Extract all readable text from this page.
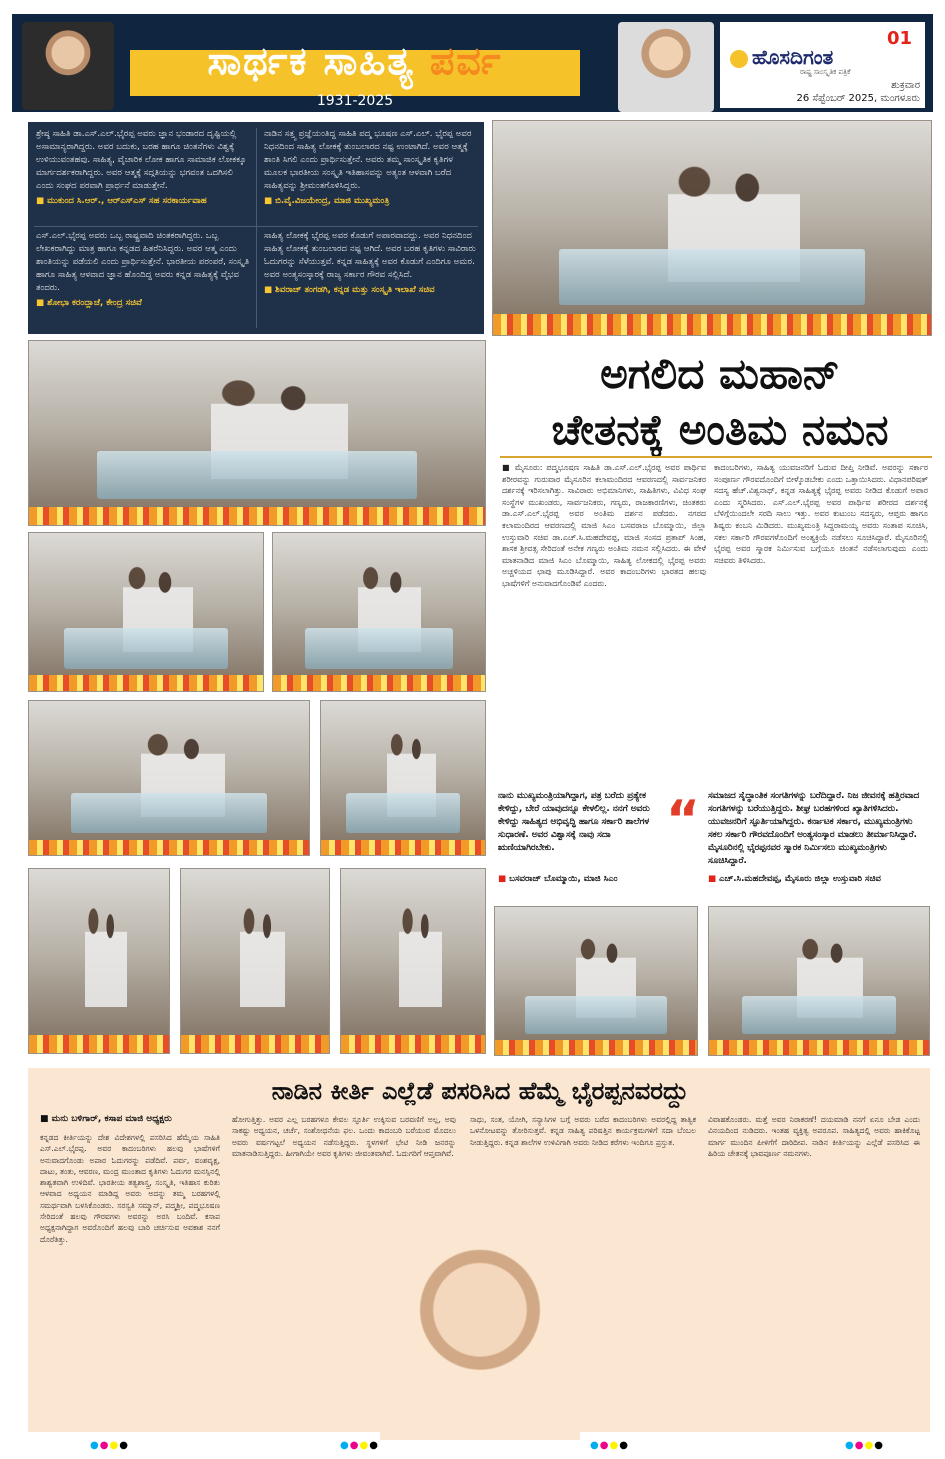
ಸಾರ್ಥಕ ಸಾಹಿತ್ಯ ಪರ್ವ
1931-2025
01
ಹೊಸದಿಗಂತ
ರಾಷ್ಟ್ರ ಸಾಂಸ್ಕೃತಿಕ ಪತ್ರಿಕೆ
ಶುಕ್ರವಾರ
26 ಸೆಪ್ಟೆಂಬರ್ 2025, ಮಂಗಳೂರು

ಶ್ರೇಷ್ಠ ಸಾಹಿತಿ ಡಾ.ಎಸ್.ಎಲ್.ಭೈರಪ್ಪ ಅವರು ಜ್ಞಾನ ಭಂಡಾರದ ದೃಷ್ಟಿಯಲ್ಲಿ ಅಸಾಮಾನ್ಯರಾಗಿದ್ದರು. ಅವರ ಬದುಕು, ಬರಹ ಹಾಗೂ ಚಿಂತನೆಗಳು ವಿಶ್ವಕ್ಕೆ ಉಳಿಯುವಂತಹವು. ಸಾಹಿತ್ಯ, ವೈಚಾರಿಕ ಲೋಕ ಹಾಗೂ ಸಾಮಾಜಿಕ ಲೋಕಕ್ಕೂ ಮಾರ್ಗದರ್ಶಕರಾಗಿದ್ದರು. ಅವರ ಆತ್ಮಕ್ಕೆ ಸದ್ಗತಿಯನ್ನು ಭಗವಂತ ಒದಗಿಸಲಿ ಎಂದು ಸಂಘದ ಪರವಾಗಿ ಪ್ರಾರ್ಥನೆ ಮಾಡುತ್ತೇನೆ.

■ ಮುಕುಂದ ಸಿ.ಆರ್., ಆರ್‌ಎಸ್‌ಎಸ್ ಸಹ ಸರಕಾರ್ಯವಾಹ

ನಾಡಿನ ಸತ್ತ್ವ ಪ್ರಜ್ಞೆಯಂತಿದ್ದ ಸಾಹಿತಿ ಪದ್ಮ ಭೂಷಣ ಎಸ್.ಎಲ್. ಭೈರಪ್ಪ ಅವರ ನಿಧನದಿಂದ ಸಾಹಿತ್ಯ ಲೋಕಕ್ಕೆ ತುಂಬಲಾರದ ನಷ್ಟ ಉಂಟಾಗಿದೆ. ಅವರ ಆತ್ಮಕ್ಕೆ ಶಾಂತಿ ಸಿಗಲಿ ಎಂದು ಪ್ರಾರ್ಥಿಸುತ್ತೇನೆ. ಅವರು ತಮ್ಮ ಸಾಂಸ್ಕೃತಿಕ ಕೃತಿಗಳ ಮೂಲಕ ಭಾರತೀಯ ಸಂಸ್ಕೃತಿ ಇತಿಹಾಸವನ್ನು ಅತ್ಯಂತ ಆಳವಾಗಿ ಬರೆದ ಸಾಹಿತ್ಯವನ್ನು ಶ್ರೀಮಂತಗೊಳಿಸಿದ್ದರು.

■ ಬಿ.ವೈ.ವಿಜಯೇಂದ್ರ, ಮಾಜಿ ಮುಖ್ಯಮಂತ್ರಿ

ಎಸ್.ಎಲ್.ಭೈರಪ್ಪ ಅವರು ಒಬ್ಬ ರಾಷ್ಟ್ರವಾದಿ ಚಿಂತಕರಾಗಿದ್ದರು. ಒಬ್ಬ ಲೇಖಕರಾಗಿದ್ದು ಮಾತ್ರ ಹಾಗೂ ಕನ್ನಡದ ಹಿತರೆನಿಸಿದ್ದರು. ಅವರ ಆತ್ಮ ಎಂದು ಶಾಂತಿಯನ್ನು ಪಡೆಯಲಿ ಎಂದು ಪ್ರಾರ್ಥಿಸುತ್ತೇನೆ. ಭಾರತೀಯ ಪರಂಪರೆ, ಸಂಸ್ಕೃತಿ ಹಾಗೂ ಸಾಹಿತ್ಯ ಆಳವಾದ ಜ್ಞಾನ ಹೊಂದಿದ್ದ ಅವರು ಕನ್ನಡ ಸಾಹಿತ್ಯಕ್ಕೆ ವೈಭವ ತಂದರು.

■ ಶೋಭಾ ಕರಂದ್ಲಾಜೆ, ಕೇಂದ್ರ ಸಚಿವೆ

ಸಾಹಿತ್ಯ ಲೋಕಕ್ಕೆ ಭೈರಪ್ಪ ಅವರ ಕೊಡುಗೆ ಅಪಾರವಾದದ್ದು. ಅವರ ನಿಧನದಿಂದ ಸಾಹಿತ್ಯ ಲೋಕಕ್ಕೆ ತುಂಬಲಾರದ ನಷ್ಟ ಆಗಿದೆ. ಅವರ ಬರಹ ಕೃತಿಗಳು ಸಾವಿರಾರು ಓದುಗರನ್ನು ಸೆಳೆಯುತ್ತವೆ. ಕನ್ನಡ ಸಾಹಿತ್ಯಕ್ಕೆ ಅವರ ಕೊಡುಗೆ ಎಂದಿಗೂ ಅಮರ. ಅವರ ಅಂತ್ಯಸಂಸ್ಕಾರಕ್ಕೆ ರಾಜ್ಯ ಸರ್ಕಾರ ಗೌರವ ಸಲ್ಲಿಸಿದೆ.

■ ಶಿವರಾಜ್ ತಂಗಡಗಿ, ಕನ್ನಡ ಮತ್ತು ಸಂಸ್ಕೃತಿ ಇಲಾಖೆ ಸಚಿವ
ಅಗಲಿದ ಮಹಾನ್
ಚೇತನಕ್ಕೆ ಅಂತಿಮ ನಮನ
■ ಮೈಸೂರು: ಪದ್ಮಭೂಷಣ ಸಾಹಿತಿ ಡಾ.ಎಸ್.ಎಲ್.ಭೈರಪ್ಪ ಅವರ ಪಾರ್ಥಿವ ಶರೀರವನ್ನು ಗುರುವಾರ ಮೈಸೂರಿನ ಕಲಾಮಂದಿರದ ಆವರಣದಲ್ಲಿ ಸಾರ್ವಜನಿಕರ ದರ್ಶನಕ್ಕೆ ಇರಿಸಲಾಗಿತ್ತು. ಸಾವಿರಾರು ಅಭಿಮಾನಿಗಳು, ಸಾಹಿತಿಗಳು, ವಿವಿಧ ಸಂಘ ಸಂಸ್ಥೆಗಳ ಮುಖಂಡರು, ಸಾರ್ವಜನಿಕರು, ಗಣ್ಯರು, ರಾಜಕಾರಣಿಗಳು, ಚಿಂತಕರು ಡಾ.ಎಸ್.ಎಲ್.ಭೈರಪ್ಪ ಅವರ ಅಂತಿಮ ದರ್ಶನ ಪಡೆದರು. ನಗರದ ಕಲಾಮಂದಿರದ ಆವರಣದಲ್ಲಿ ಮಾಜಿ ಸಿಎಂ ಬಸವರಾಜ ಬೊಮ್ಮಾಯಿ, ಜಿಲ್ಲಾ ಉಸ್ತುವಾರಿ ಸಚಿವ ಡಾ.ಎಚ್.ಸಿ.ಮಹದೇವಪ್ಪ, ಮಾಜಿ ಸಂಸದ ಪ್ರತಾಪ್ ಸಿಂಹ, ಶಾಸಕ ಶ್ರೀವತ್ಸ ಸೇರಿದಂತೆ ಅನೇಕ ಗಣ್ಯರು ಅಂತಿಮ ನಮನ ಸಲ್ಲಿಸಿದರು. ಈ ವೇಳೆ ಮಾತನಾಡಿದ ಮಾಜಿ ಸಿಎಂ ಬೊಮ್ಮಾಯಿ, ಸಾಹಿತ್ಯ ಲೋಕದಲ್ಲಿ ಭೈರಪ್ಪ ಅವರು ಅಚ್ಚಳಿಯದ ಛಾಪು ಮೂಡಿಸಿದ್ದಾರೆ. ಅವರ ಕಾದಂಬರಿಗಳು ಭಾರತದ ಹಲವು ಭಾಷೆಗಳಿಗೆ ಅನುವಾದಗೊಂಡಿವೆ ಎಂದರು.
ಕಾದಂಬರಿಗಳು, ಸಾಹಿತ್ಯ ಯುವಜನರಿಗೆ ಓದುವ ದೀಪ್ತಿ ನೀಡಿವೆ. ಅವರನ್ನು ಸರ್ಕಾರ ಸಂಪೂರ್ಣ ಗೌರವದೊಂದಿಗೆ ಬೀಳ್ಕೊಡಬೇಕು ಎಂದು ಒತ್ತಾಯಿಸಿದರು. ವಿಧಾನಪರಿಷತ್ ಸದಸ್ಯ ಹೆಚ್.ವಿಶ್ವನಾಥ್, ಕನ್ನಡ ಸಾಹಿತ್ಯಕ್ಕೆ ಭೈರಪ್ಪ ಅವರು ನೀಡಿದ ಕೊಡುಗೆ ಅಪಾರ ಎಂದು ಸ್ಮರಿಸಿದರು. ಎಸ್.ಎಲ್.ಭೈರಪ್ಪ ಅವರ ಪಾರ್ಥಿವ ಶರೀರದ ದರ್ಶನಕ್ಕೆ ಬೆಳಿಗ್ಗೆಯಿಂದಲೇ ಸರದಿ ಸಾಲು ಇತ್ತು. ಅವರ ಕುಟುಂಬ ಸದಸ್ಯರು, ಆಪ್ತರು ಹಾಗೂ ಶಿಷ್ಯರು ಕಂಬನಿ ಮಿಡಿದರು. ಮುಖ್ಯಮಂತ್ರಿ ಸಿದ್ದರಾಮಯ್ಯ ಅವರು ಸಂತಾಪ ಸೂಚಿಸಿ, ಸಕಲ ಸರ್ಕಾರಿ ಗೌರವಗಳೊಂದಿಗೆ ಅಂತ್ಯಕ್ರಿಯೆ ನಡೆಸಲು ಸೂಚಿಸಿದ್ದಾರೆ. ಮೈಸೂರಿನಲ್ಲಿ ಭೈರಪ್ಪ ಅವರ ಸ್ಮಾರಕ ನಿರ್ಮಿಸುವ ಬಗ್ಗೆಯೂ ಚಿಂತನೆ ನಡೆಸಲಾಗುವುದು ಎಂದು ಸಚಿವರು ತಿಳಿಸಿದರು.
ನಾನು ಮುಖ್ಯಮಂತ್ರಿಯಾಗಿದ್ದಾಗ, ಪತ್ರ ಬರೆದು ಪ್ರತ್ಯೇಕ ಕೇಳಿದ್ದು, ಬೇರೆ ಯಾವುದನ್ನೂ ಕೇಳಲಿಲ್ಲ. ನನಗೆ ಅವರು ಕೇಳಿದ್ದು ಸಾಹಿತ್ಯದ ಅಭಿವೃದ್ಧಿ ಹಾಗೂ ಸರ್ಕಾರಿ ಶಾಲೆಗಳ ಸುಧಾರಣೆ. ಅವರ ವಿಶ್ವಾಸಕ್ಕೆ ನಾವು ಸದಾ ಋಣಿಯಾಗಿರಬೇಕು.
■ ಬಸವರಾಜ್ ಬೊಮ್ಮಾಯಿ, ಮಾಜಿ ಸಿಎಂ
“ ಸಮಾಜದ ಸೈದ್ಧಾಂತಿಕ ಸಂಗತಿಗಳನ್ನು ಬರೆದಿದ್ದಾರೆ. ನಿಜ ಜೀವನಕ್ಕೆ ಹತ್ತಿರವಾದ ಸಂಗತಿಗಳನ್ನು ಬರೆಯುತ್ತಿದ್ದರು. ಶೀಘ್ರ ಬರಹಗಳಿಂದ ಖ್ಯಾತಿಗಳಿಸಿದರು. ಯುವಜನರಿಗೆ ಸ್ಫೂರ್ತಿಯಾಗಿದ್ದರು. ಕರ್ನಾಟಕ ಸರ್ಕಾರ, ಮುಖ್ಯಮಂತ್ರಿಗಳು ಸಕಲ ಸರ್ಕಾರಿ ಗೌರವದೊಂದಿಗೆ ಅಂತ್ಯಸಂಸ್ಕಾರ ಮಾಡಲು ತೀರ್ಮಾನಿಸಿದ್ದಾರೆ. ಮೈಸೂರಿನಲ್ಲಿ ಭೈರಪ್ಪನವರ ಸ್ಮಾರಕ ನಿರ್ಮಿಸಲು ಮುಖ್ಯಮಂತ್ರಿಗಳು ಸೂಚಿಸಿದ್ದಾರೆ.
■ ಎಚ್.ಸಿ.ಮಹದೇವಪ್ಪ, ಮೈಸೂರು ಜಿಲ್ಲಾ ಉಸ್ತುವಾರಿ ಸಚಿವ
ನಾಡಿನ ಕೀರ್ತಿ ಎಲ್ಲೆಡೆ ಪಸರಿಸಿದ ಹೆಮ್ಮೆ ಭೈರಪ್ಪನವರದ್ದು
■ ಮನು ಬಳಿಗಾರ್, ಕಸಾಪ ಮಾಜಿ ಅಧ್ಯಕ್ಷರು
ಕನ್ನಡದ ಕೀರ್ತಿಯನ್ನು ದೇಶ ವಿದೇಶಗಳಲ್ಲಿ ಪಸರಿಸಿದ ಹೆಮ್ಮೆಯ ಸಾಹಿತಿ ಎಸ್.ಎಲ್.ಭೈರಪ್ಪ. ಅವರ ಕಾದಂಬರಿಗಳು ಹಲವು ಭಾಷೆಗಳಿಗೆ ಅನುವಾದಗೊಂಡು ಅಪಾರ ಓದುಗರನ್ನು ಪಡೆದಿವೆ. ಪರ್ವ, ವಂಶವೃಕ್ಷ, ದಾಟು, ತಂತು, ಆವರಣ, ಮಂದ್ರ ಮುಂತಾದ ಕೃತಿಗಳು ಓದುಗರ ಮನಸ್ಸಿನಲ್ಲಿ ಶಾಶ್ವತವಾಗಿ ಉಳಿದಿವೆ. ಭಾರತೀಯ ತತ್ವಶಾಸ್ತ್ರ, ಸಂಸ್ಕೃತಿ, ಇತಿಹಾಸ ಕುರಿತು ಆಳವಾದ ಅಧ್ಯಯನ ಮಾಡಿದ್ದ ಅವರು ಅದನ್ನು ತಮ್ಮ ಬರಹಗಳಲ್ಲಿ ಸಮರ್ಥವಾಗಿ ಬಳಸಿಕೊಂಡರು. ಸರಸ್ವತಿ ಸಮ್ಮಾನ್, ಪದ್ಮಶ್ರೀ, ಪದ್ಮಭೂಷಣ ಸೇರಿದಂತೆ ಹಲವು ಗೌರವಗಳು ಅವರನ್ನು ಅರಸಿ ಬಂದಿವೆ. ಕಸಾಪ ಅಧ್ಯಕ್ಷನಾಗಿದ್ದಾಗ ಅವರೊಂದಿಗೆ ಹಲವು ಬಾರಿ ಚರ್ಚಿಸುವ ಅವಕಾಶ ನನಗೆ ದೊರೆತಿತ್ತು.
ಹೋಗುತ್ತಿತ್ತು. ಅವರ ಎಲ್ಲ ಬರಹಗಳೂ ಕೇವಲ ಸ್ಫೂರ್ತಿ ಉಕ್ಕಿಸುವ ಬರವಣಿಗೆ ಅಲ್ಲ, ಅವು ಸಾಕಷ್ಟು ಅಧ್ಯಯನ, ಚರ್ಚೆ, ಸಂಶೋಧನೆಯ ಫಲ. ಒಂದು ಕಾದಂಬರಿ ಬರೆಯುವ ಮೊದಲು ಅವರು ವರ್ಷಗಟ್ಟಲೆ ಅಧ್ಯಯನ ನಡೆಸುತ್ತಿದ್ದರು. ಸ್ಥಳಗಳಿಗೆ ಭೇಟಿ ನೀಡಿ ಜನರನ್ನು ಮಾತನಾಡಿಸುತ್ತಿದ್ದರು. ಹೀಗಾಗಿಯೇ ಅವರ ಕೃತಿಗಳು ಜೀವಂತವಾಗಿವೆ. ಓದುಗರಿಗೆ ಆಪ್ತವಾಗಿವೆ.
ಸಾಧು, ಸಂತ, ಯೋಗಿ, ಸನ್ಯಾಸಿಗಳ ಬಗ್ಗೆ ಅವರು ಬರೆದ ಕಾದಂಬರಿಗಳು ಅವರಲ್ಲಿದ್ದ ತಾತ್ವಿಕ ಒಳನೋಟವನ್ನು ತೋರಿಸುತ್ತವೆ. ಕನ್ನಡ ಸಾಹಿತ್ಯ ಪರಿಷತ್ತಿನ ಕಾರ್ಯಕ್ರಮಗಳಿಗೆ ಸದಾ ಬೆಂಬಲ ನೀಡುತ್ತಿದ್ದರು. ಕನ್ನಡ ಶಾಲೆಗಳ ಉಳಿವಿಗಾಗಿ ಅವರು ನೀಡಿದ ಕರೆಗಳು ಇಂದಿಗೂ ಪ್ರಸ್ತುತ.
ವಿವಾಹಕೊಂಡರು. ಮತ್ತೆ ಅವರ ನಿರಾಕರಣೆ! ದಯಮಾಡಿ ನನಗೆ ಏನೂ ಬೇಡ ಎಂದು ವಿನಯದಿಂದ ನುಡಿದರು. ಇಂತಹ ವ್ಯಕ್ತಿತ್ವ ಅಪರೂಪ. ಸಾಹಿತ್ಯದಲ್ಲಿ ಅವರು ಹಾಕಿಕೊಟ್ಟ ಮಾರ್ಗ ಮುಂದಿನ ಪೀಳಿಗೆಗೆ ದಾರಿದೀಪ. ನಾಡಿನ ಕೀರ್ತಿಯನ್ನು ಎಲ್ಲೆಡೆ ಪಸರಿಸಿದ ಈ ಹಿರಿಯ ಚೇತನಕ್ಕೆ ಭಾವಪೂರ್ಣ ನಮನಗಳು.
●●●●	●●●●	●●●●	●●●●
